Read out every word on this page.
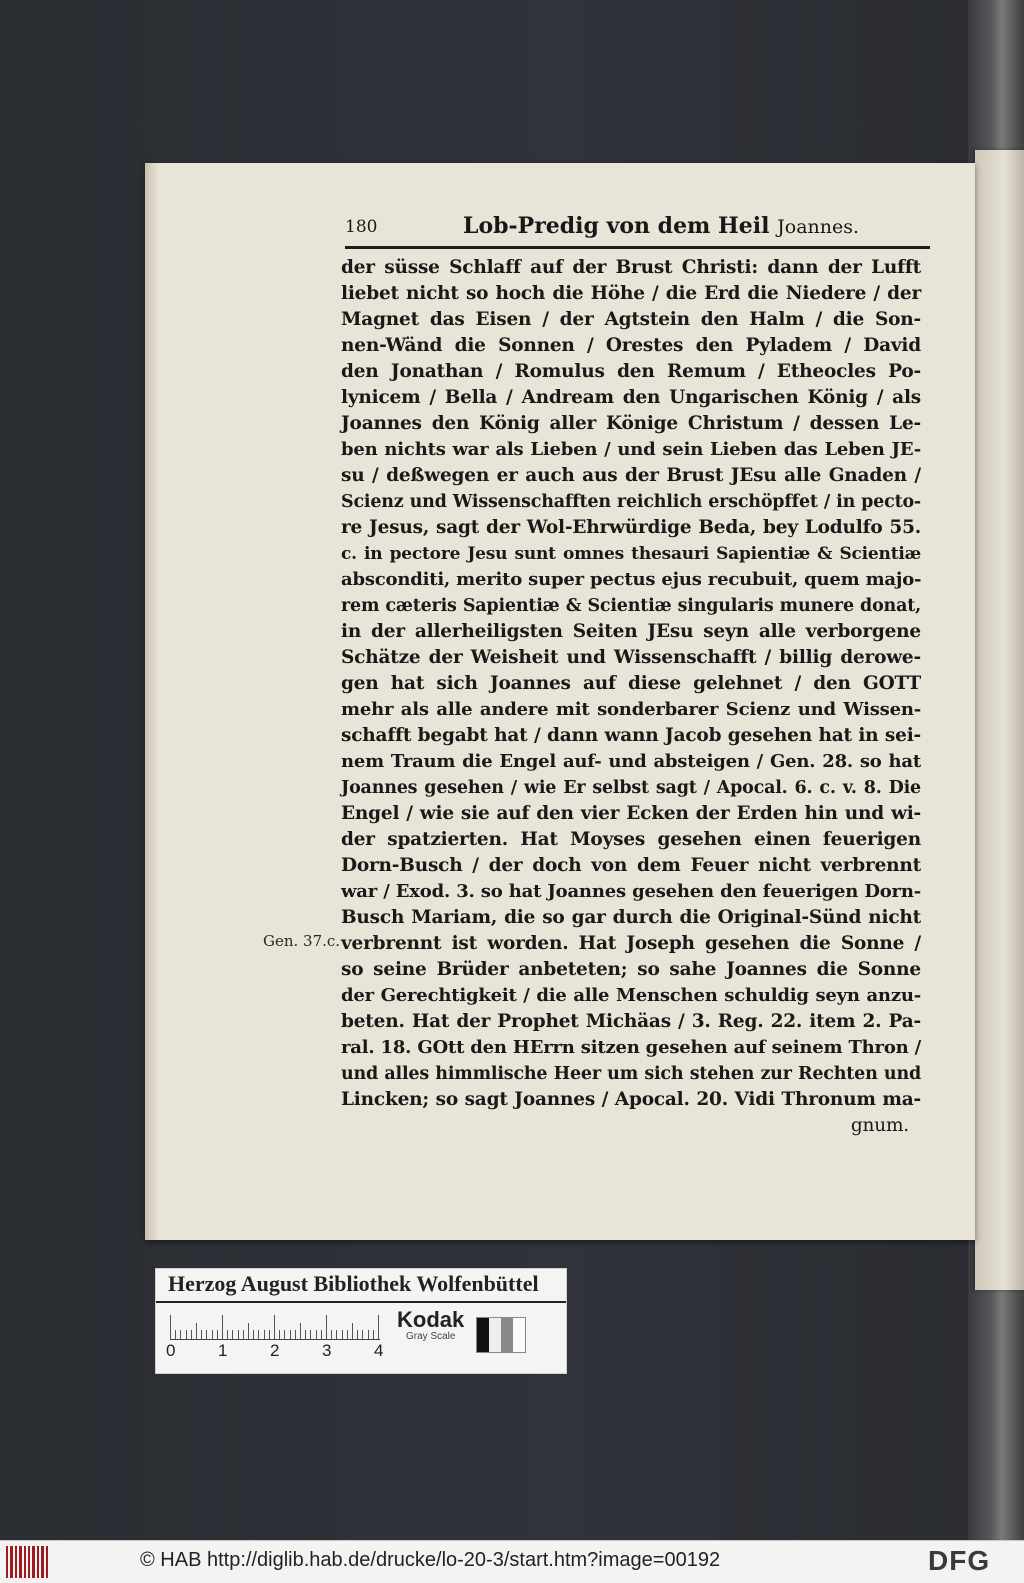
180	Lob-Predig von dem Heil Joannes.
Gen. 37.c.
der süsse Schlaff auf der Brust Christi: dann der Lufft
liebet nicht so hoch die Höhe / die Erd die Niedere / der
Magnet das Eisen / der Agtstein den Halm / die Son-
nen-Wänd die Sonnen / Orestes den Pyladem / David
den Jonathan / Romulus den Remum / Etheocles Po-
lynicem / Bella / Andream den Ungarischen König / als
Joannes den König aller Könige Christum / dessen Le-
ben nichts war als Lieben / und sein Lieben das Leben JE-
su / deßwegen er auch aus der Brust JEsu alle Gnaden /
Scienz und Wissenschafften reichlich erschöpffet / in pecto-
re Jesus, sagt der Wol-Ehrwürdige Beda, bey Lodulfo 55.
c. in pectore Jesu sunt omnes thesauri Sapientiæ & Scientiæ
absconditi, merito super pectus ejus recubuit, quem majo-
rem cæteris Sapientiæ & Scientiæ singularis munere donat,
in der allerheiligsten Seiten JEsu seyn alle verborgene
Schätze der Weisheit und Wissenschafft / billig derowe-
gen hat sich Joannes auf diese gelehnet / den GOTT
mehr als alle andere mit sonderbarer Scienz und Wissen-
schafft begabt hat / dann wann Jacob gesehen hat in sei-
nem Traum die Engel auf- und absteigen / Gen. 28. so hat
Joannes gesehen / wie Er selbst sagt / Apocal. 6. c. v. 8. Die
Engel / wie sie auf den vier Ecken der Erden hin und wi-
der spatzierten. Hat Moyses gesehen einen feuerigen
Dorn-Busch / der doch von dem Feuer nicht verbrennt
war / Exod. 3. so hat Joannes gesehen den feuerigen Dorn-
Busch Mariam, die so gar durch die Original-Sünd nicht
verbrennt ist worden. Hat Joseph gesehen die Sonne /
so seine Brüder anbeteten; so sahe Joannes die Sonne
der Gerechtigkeit / die alle Menschen schuldig seyn anzu-
beten. Hat der Prophet Michäas / 3. Reg. 22. item 2. Pa-
ral. 18. GOtt den HErrn sitzen gesehen auf seinem Thron /
und alles himmlische Heer um sich stehen zur Rechten und
Lincken; so sagt Joannes / Apocal. 20. Vidi Thronum ma-
gnum.
Herzog August Bibliothek Wolfenbüttel
0	1	2	3	4
Kodak
Gray Scale
© HAB http://diglib.hab.de/drucke/lo-20-3/start.htm?image=00192	DFG
